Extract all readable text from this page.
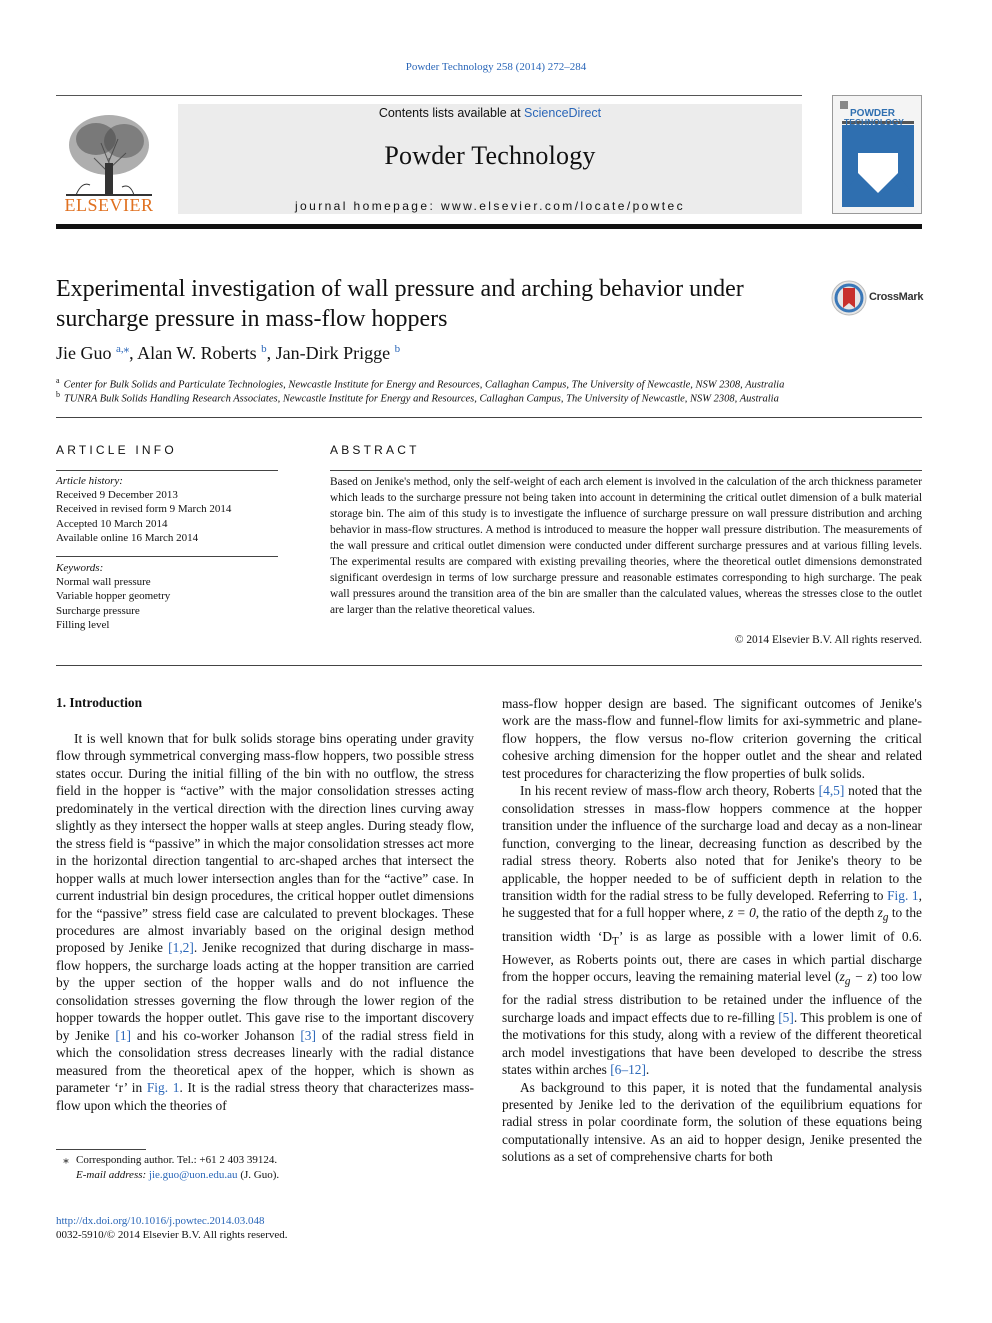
Powder Technology 258 (2014) 272–284
ELSEVIER
Contents lists available at ScienceDirect
Powder Technology
journal homepage: www.elsevier.com/locate/powtec
POWDER
TECHNOLOGY
Experimental investigation of wall pressure and arching behavior under
surcharge pressure in mass-flow hoppers
CrossMark
Jie Guo $^{a,⁎}$, Alan W. Roberts $^b$, Jan-Dirk Prigge $^b$
$^a$ Center for Bulk Solids and Particulate Technologies, Newcastle Institute for Energy and Resources, Callaghan Campus, The University of Newcastle, NSW 2308, Australia
$^b$ TUNRA Bulk Solids Handling Research Associates, Newcastle Institute for Energy and Resources, Callaghan Campus, The University of Newcastle, NSW 2308, Australia
ARTICLE INFO
Article history:
Received 9 December 2013
Received in revised form 9 March 2014
Accepted 10 March 2014
Available online 16 March 2014
Keywords:
Normal wall pressure
Variable hopper geometry
Surcharge pressure
Filling level
ABSTRACT
Based on Jenike's method, only the self-weight of each arch element is involved in the calculation of the arch thickness parameter which leads to the surcharge pressure not being taken into account in determining the critical outlet dimension of a bulk material storage bin. The aim of this study is to investigate the influence of surcharge pressure on wall pressure distribution and arching behavior in mass-flow structures. A method is introduced to measure the hopper wall pressure distribution. The measurements of the wall pressure and critical outlet dimension were conducted under different surcharge pressures and at various filling levels. The experimental results are compared with existing prevailing theories, where the theoretical outlet dimensions demonstrated significant overdesign in terms of low surcharge pressure and reasonable estimates corresponding to high surcharge. The peak wall pressures around the transition area of the bin are smaller than the calculated values, whereas the stresses close to the outlet are larger than the relative theoretical values.
© 2014 Elsevier B.V. All rights reserved.
1. Introduction

It is well known that for bulk solids storage bins operating under gravity flow through symmetrical converging mass-flow hoppers, two possible stress states occur. During the initial filling of the bin with no outflow, the stress field in the hopper is “active” with the major consolidation stresses acting predominately in the vertical direction with the direction lines curving away slightly as they intersect the hopper walls at steep angles. During steady flow, the stress field is “passive” in which the major consolidation stresses act more in the horizontal direction tangential to arc-shaped arches that intersect the hopper walls at much lower intersection angles than for the “active” case. In current industrial bin design procedures, the critical hopper outlet dimensions for the “passive” stress field case are calculated to prevent blockages. These procedures are almost invariably based on the original design method proposed by Jenike [1,2]. Jenike recognized that during discharge in mass-flow hoppers, the surcharge loads acting at the hopper transition are carried by the upper section of the hopper walls and do not influence the consolidation stresses governing the flow through the lower region of the hopper towards the hopper outlet. This gave rise to the important discovery by Jenike [1] and his co-worker Johanson [3] of the radial stress field in which the consolidation stress decreases linearly with the radial distance measured from the theoretical apex of the hopper, which is shown as parameter ‘r’ in Fig. 1. It is the radial stress theory that characterizes mass-flow upon which the theories of

mass-flow hopper design are based. The significant outcomes of Jenike's work are the mass-flow and funnel-flow limits for axi-symmetric and plane-flow hoppers, the flow versus no-flow criterion governing the critical cohesive arching dimension for the hopper outlet and the shear and related test procedures for characterizing the flow properties of bulk solids.

In his recent review of mass-flow arch theory, Roberts [4,5] noted that the consolidation stresses in mass-flow hoppers commence at the hopper transition under the influence of the surcharge load and decay as a non-linear function, converging to the linear, decreasing function as described by the radial stress theory. Roberts also noted that for Jenike's theory to be applicable, the hopper needed to be of sufficient depth in relation to the transition width for the radial stress to be fully developed. Referring to Fig. 1, he suggested that for a full hopper where, z = 0, the ratio of the depth $z_g$ to the transition width ‘$D_T$’ is as large as possible with a lower limit of 0.6. However, as Roberts points out, there are cases in which partial discharge from the hopper occurs, leaving the remaining material level $(z_g - z)$ too low for the radial stress distribution to be retained under the influence of the surcharge loads and impact effects due to re-filling [5]. This problem is one of the motivations for this study, along with a review of the different theoretical arch model investigations that have been developed to describe the stress states within arches [6–12].

As background to this paper, it is noted that the fundamental analysis presented by Jenike led to the derivation of the equilibrium equations for radial stress in polar coordinate form, the solution of these equations being computationally intensive. As an aid to hopper design, Jenike presented the solutions as a set of comprehensive charts for both

⁎ Corresponding author. Tel.: +61 2 403 39124.
E-mail address: jie.guo@uon.edu.au (J. Guo).
http://dx.doi.org/10.1016/j.powtec.2014.03.048
0032-5910/© 2014 Elsevier B.V. All rights reserved.
